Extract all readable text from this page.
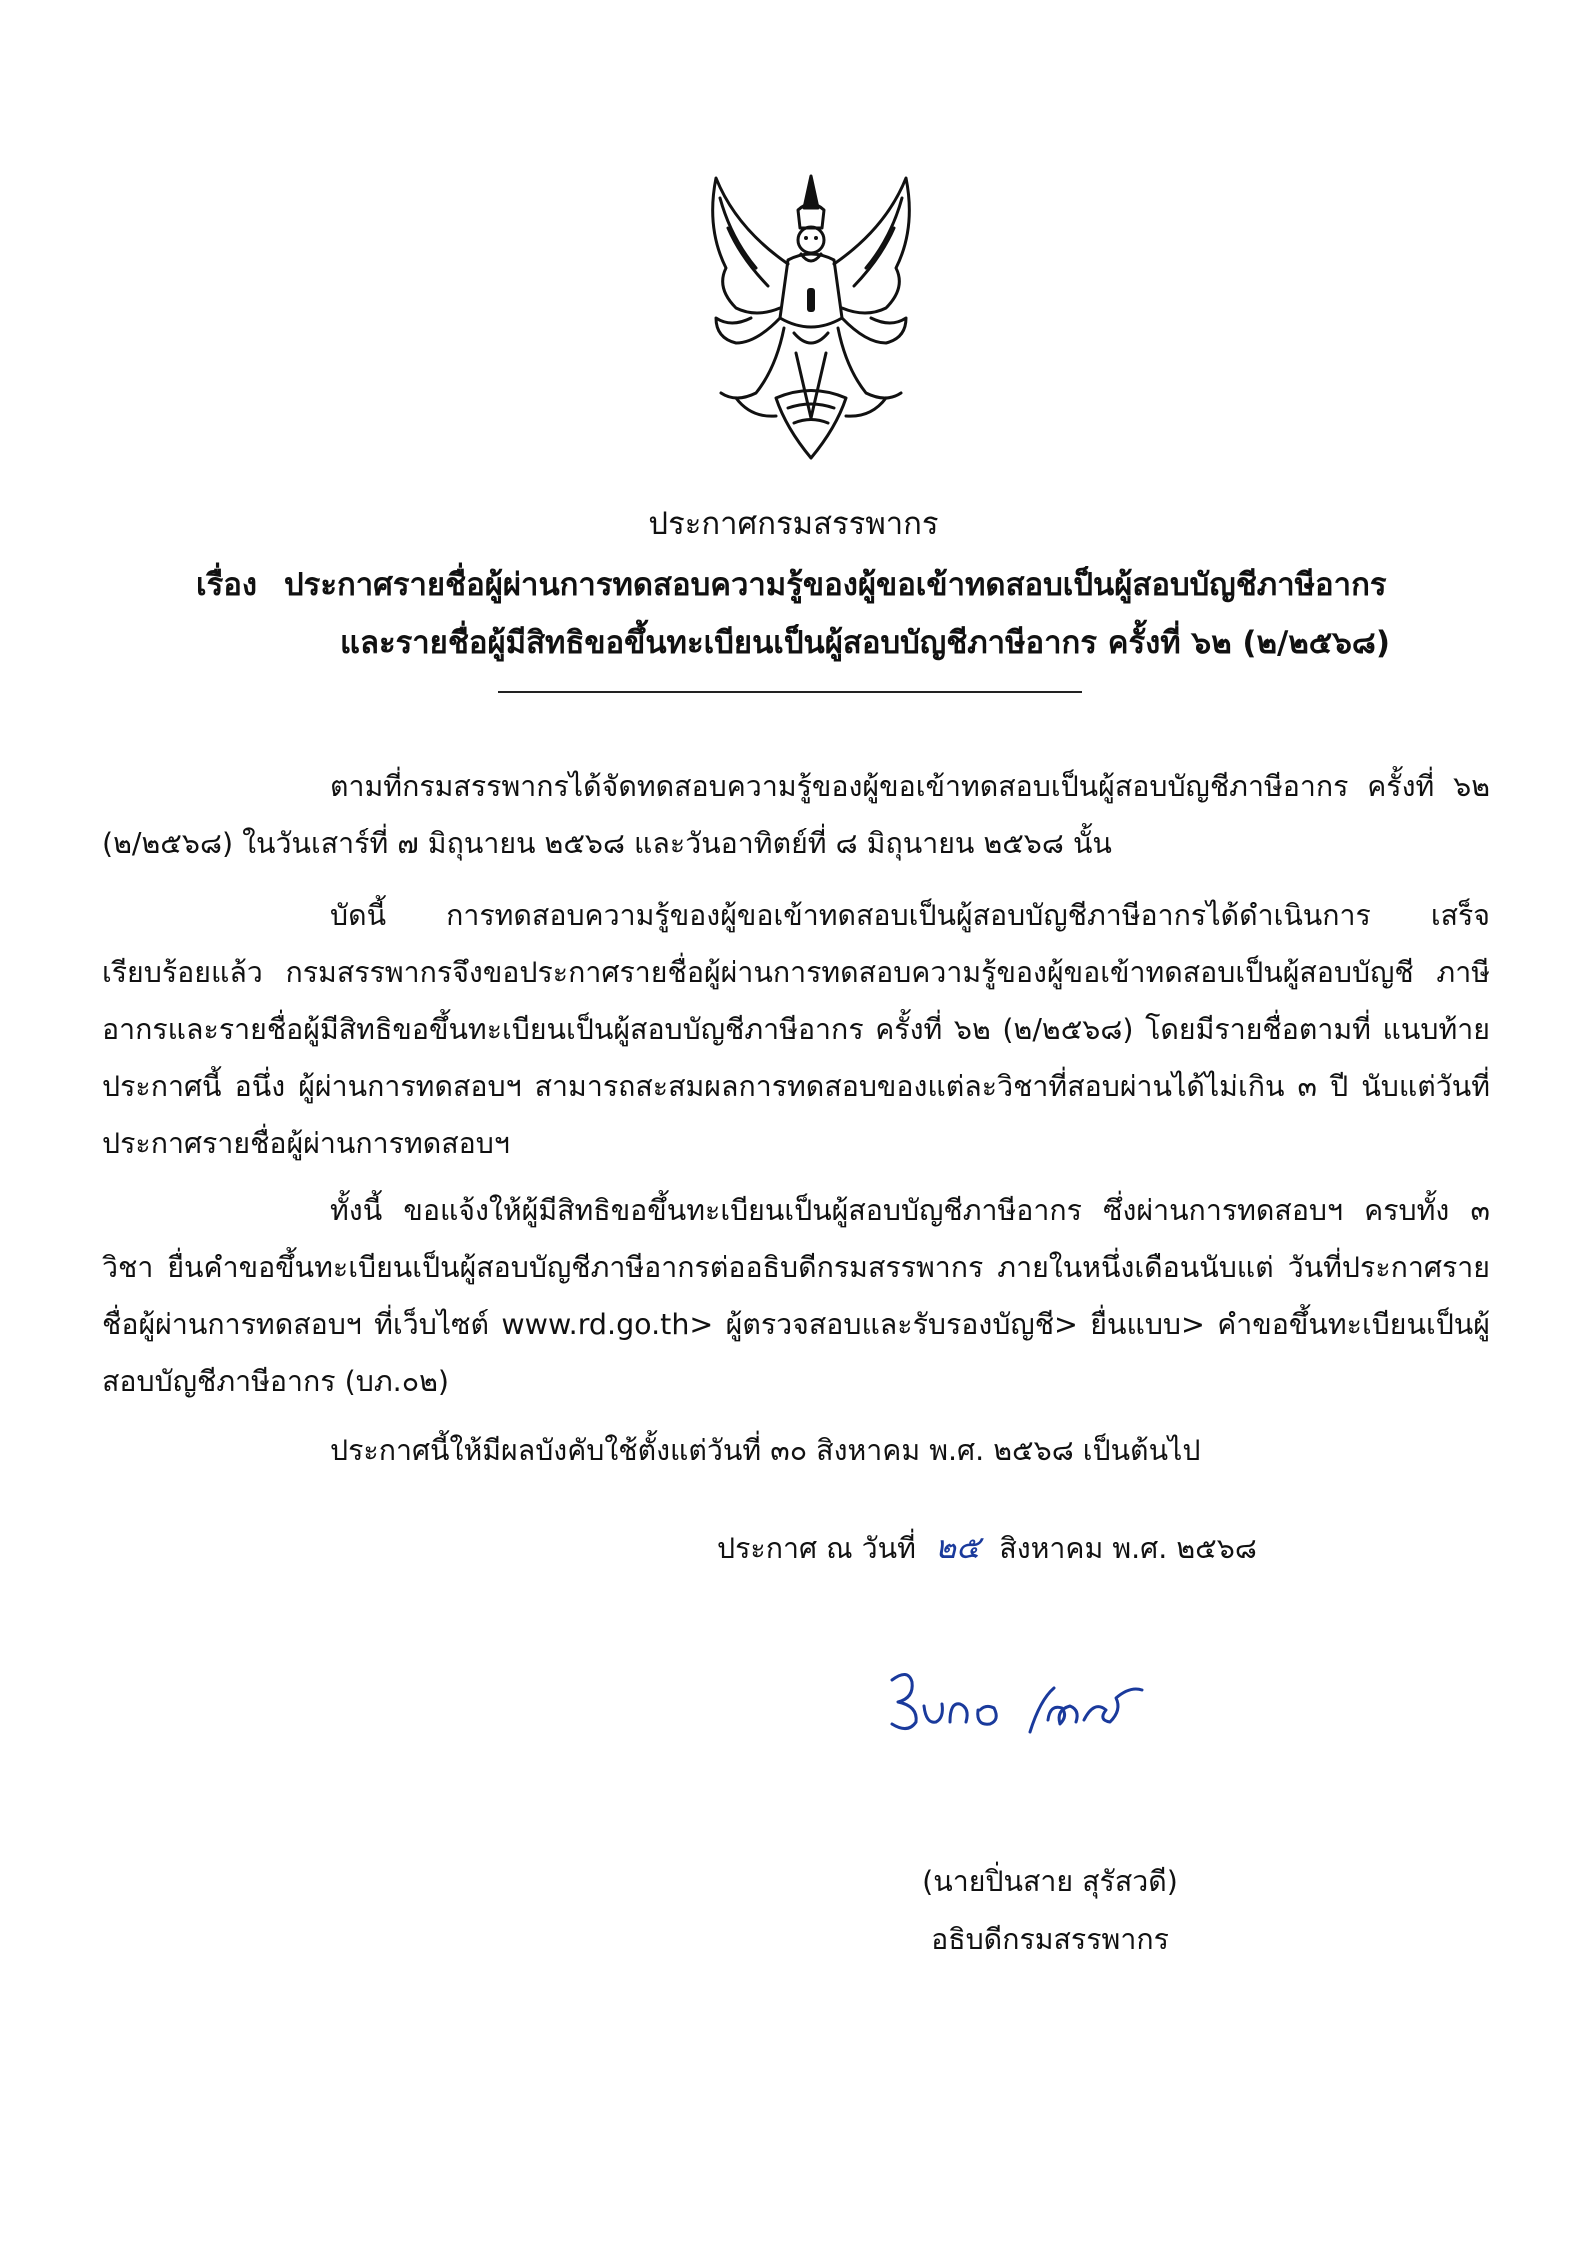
ประกาศกรมสรรพากร
เรื่อง ประกาศรายชื่อผู้ผ่านการทดสอบความรู้ของผู้ขอเข้าทดสอบเป็นผู้สอบบัญชีภาษีอากร
และรายชื่อผู้มีสิทธิขอขึ้นทะเบียนเป็นผู้สอบบัญชีภาษีอากร ครั้งที่ ๖๒ (๒/๒๕๖๘)
ตามที่กรมสรรพากรได้จัดทดสอบความรู้ของผู้ขอเข้าทดสอบเป็นผู้สอบบัญชีภาษีอากร ครั้งที่ ๖๒ (๒/๒๕๖๘) ในวันเสาร์ที่ ๗ มิถุนายน ๒๕๖๘ และวันอาทิตย์ที่ ๘ มิถุนายน ๒๕๖๘ นั้น
บัดนี้ การทดสอบความรู้ของผู้ขอเข้าทดสอบเป็นผู้สอบบัญชีภาษีอากรได้ดำเนินการ เสร็จเรียบร้อยแล้ว กรมสรรพากรจึงขอประกาศรายชื่อผู้ผ่านการทดสอบความรู้ของผู้ขอเข้าทดสอบเป็นผู้สอบบัญชี ภาษีอากรและรายชื่อผู้มีสิทธิขอขึ้นทะเบียนเป็นผู้สอบบัญชีภาษีอากร ครั้งที่ ๖๒ (๒/๒๕๖๘) โดยมีรายชื่อตามที่ แนบท้ายประกาศนี้ อนึ่ง ผู้ผ่านการทดสอบฯ สามารถสะสมผลการทดสอบของแต่ละวิชาที่สอบผ่านได้ไม่เกิน ๓ ปี นับแต่วันที่ประกาศรายชื่อผู้ผ่านการทดสอบฯ
ทั้งนี้ ขอแจ้งให้ผู้มีสิทธิขอขึ้นทะเบียนเป็นผู้สอบบัญชีภาษีอากร ซึ่งผ่านการทดสอบฯ ครบทั้ง ๓ วิชา ยื่นคำขอขึ้นทะเบียนเป็นผู้สอบบัญชีภาษีอากรต่ออธิบดีกรมสรรพากร ภายในหนึ่งเดือนนับแต่ วันที่ประกาศรายชื่อผู้ผ่านการทดสอบฯ ที่เว็บไซต์ www.rd.go.th> ผู้ตรวจสอบและรับรองบัญชี> ยื่นแบบ> คำขอขึ้นทะเบียนเป็นผู้สอบบัญชีภาษีอากร (บภ.๐๒)
ประกาศนี้ให้มีผลบังคับใช้ตั้งแต่วันที่ ๓๐ สิงหาคม พ.ศ. ๒๕๖๘ เป็นต้นไป
ประกาศ ณ วันที่ ๒๕ สิงหาคม พ.ศ. ๒๕๖๘
(นายปิ่นสาย สุรัสวดี)
อธิบดีกรมสรรพากร
